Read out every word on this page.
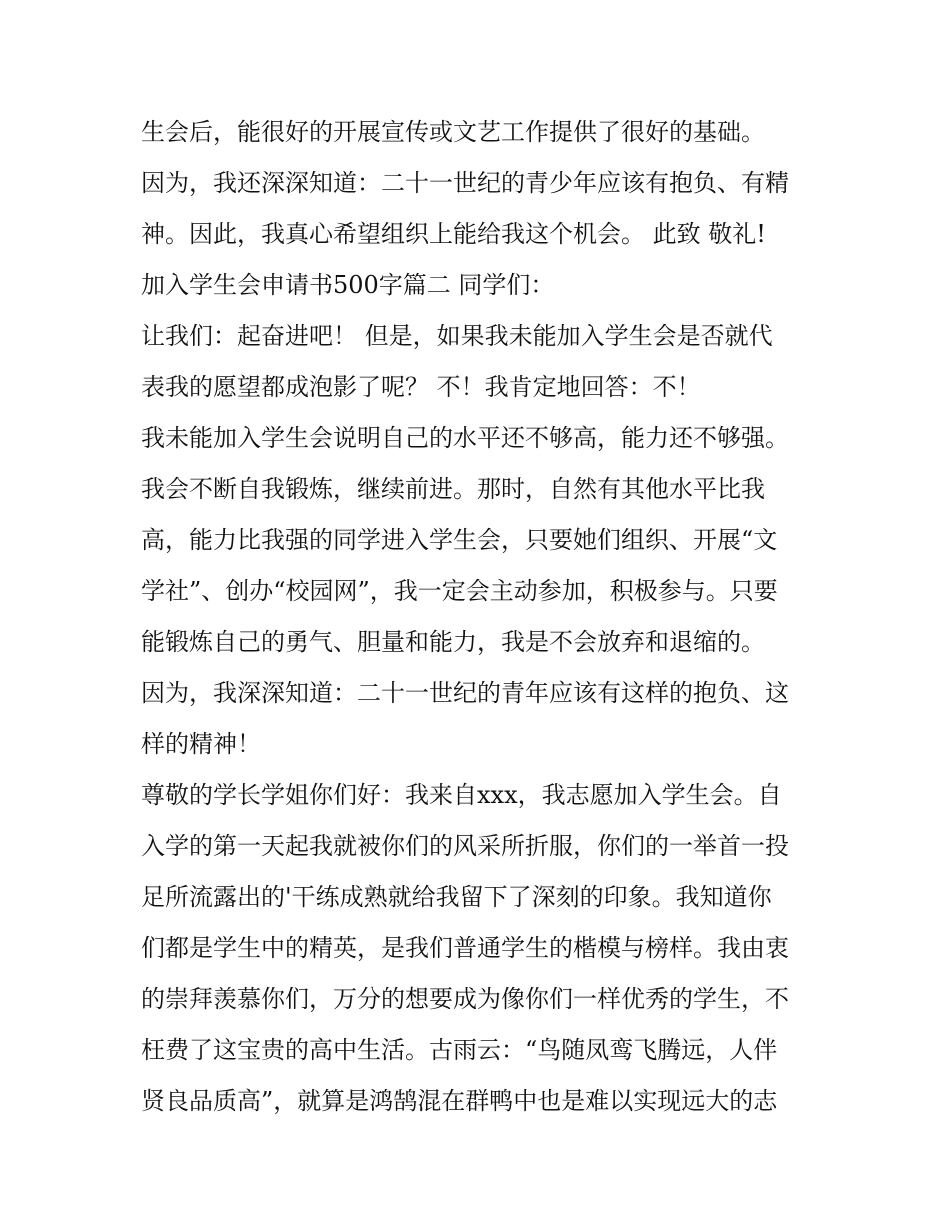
生会后，能很好的开展宣传或文艺工作提供了很好的基础。
因为，我还深深知道：二十一世纪的青少年应该有抱负、有精
神。因此，我真心希望组织上能给我这个机会。 此致 敬礼!
加入学生会申请书500字篇二 同学们：
让我们：起奋进吧！ 但是，如果我未能加入学生会是否就代
表我的愿望都成泡影了呢？ 不！我肯定地回答：不！
我未能加入学生会说明自己的水平还不够高，能力还不够强。
我会不断自我锻炼，继续前进。那时，自然有其他水平比我
高，能力比我强的同学进入学生会，只要她们组织、开展“文
学社”、创办“校园网”，我一定会主动参加，积极参与。只要
能锻炼自己的勇气、胆量和能力，我是不会放弃和退缩的。
因为，我深深知道：二十一世纪的青年应该有这样的抱负、这
样的精神！
尊敬的学长学姐你们好：我来自xxx，我志愿加入学生会。自
入学的第一天起我就被你们的风采所折服，你们的一举首一投
足所流露出的'干练成熟就给我留下了深刻的印象。我知道你
们都是学生中的精英，是我们普通学生的楷模与榜样。我由衷
的崇拜羡慕你们，万分的想要成为像你们一样优秀的学生，不
枉费了这宝贵的高中生活。古雨云：“鸟随凤鸾飞腾远，人伴
贤良品质高”，就算是鸿鹄混在群鸭中也是难以实现远大的志
